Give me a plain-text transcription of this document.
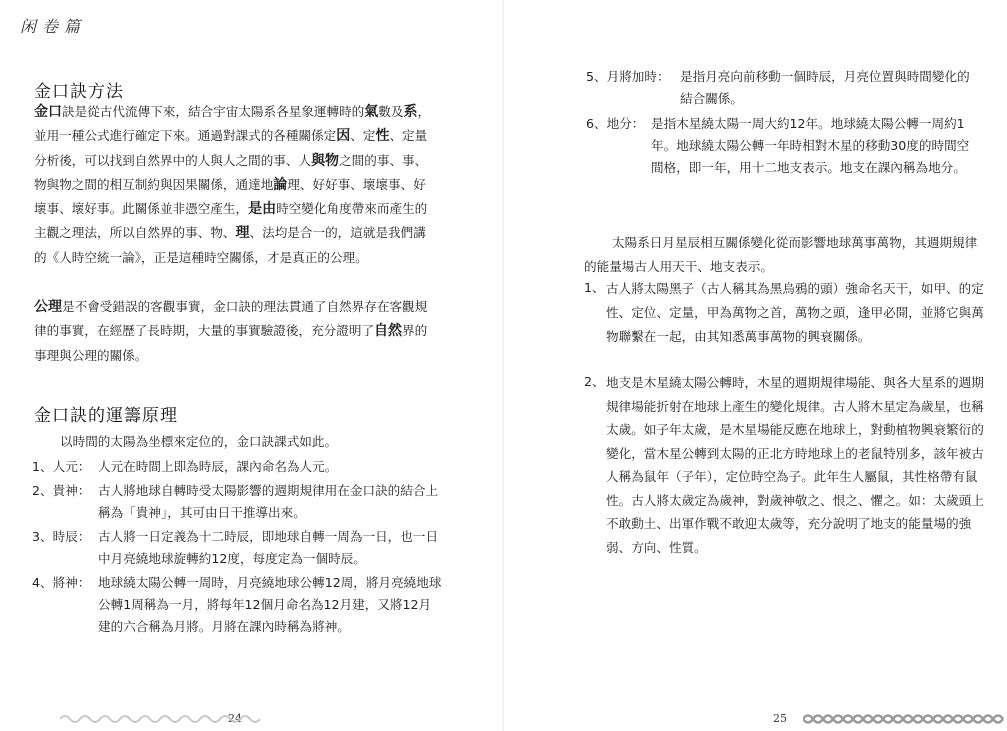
闲卷篇
金口訣方法
金口訣是從古代流傳下來，結合宇宙太陽系各星象運轉時的氣數及系，並用一種公式進行確定下來。通過對課式的各種關係定因、定性、定量分析後，可以找到自然界中的人與人之間的事、人與物之間的事、事、物與物之間的相互制約與因果關係，通達地論理、好好事、壞壞事、好壞事、壞好事。此關係並非憑空產生，是由時空變化角度帶來而產生的主觀之理法，所以自然界的事、物、理、法均是合一的，這就是我們講的《人時空統一論》，正是這種時空關係，才是真正的公理。
公理是不會受錯誤的客觀事實，金口訣的理法貫通了自然界存在客觀規律的事實，在經歷了長時期，大量的事實驗證後，充分證明了自然界的事理與公理的關係。
金口訣的運籌原理
以時間的太陽為坐標來定位的，金口訣課式如此。
1、人元： 人元在時間上即為時辰，課內命名為人元。
2、貴神： 古人將地球自轉時受太陽影響的週期規律用在金口訣的結合上稱為「貴神」，其可由日干推導出來。
3、時辰： 古人將一日定義為十二時辰，即地球自轉一周為一日，也一日中月亮繞地球旋轉約12度，每度定為一個時辰。
4、將神： 地球繞太陽公轉一周時，月亮繞地球公轉12周，將月亮繞地球公轉1周稱為一月，將每年12個月命名為12月建，又將12月建的六合稱為月將。月將在課內時稱為將神。
24
5、月將加時： 是指月亮向前移動一個時辰，月亮位置與時間變化的結合關係。
6、地分： 是指木星繞太陽一周大約12年。地球繞太陽公轉一周約1年。地球繞太陽公轉一年時相對木星的移動30度的時間空間格，即一年，用十二地支表示。地支在課內稱為地分。
太陽系日月星辰相互關係變化從而影響地球萬事萬物，其週期規律的能量場古人用天干、地支表示。
1、 古人將太陽黑子（古人稱其為黑烏鴉的頭）強命名天干，如甲、的定性、定位、定量，甲為萬物之首，萬物之頭，逢甲必開，並將它與萬物聯繫在一起，由其知悉萬事萬物的興衰關係。
2、 地支是木星繞太陽公轉時，木星的週期規律場能、與各大星系的週期規律場能折射在地球上產生的變化規律。古人將木星定為歲星，也稱太歲。如子年太歲，是木星場能反應在地球上，對動植物興衰繁衍的變化，當木星公轉到太陽的正北方時地球上的老鼠特別多，該年被古人稱為鼠年（子年），定位時空為子。此年生人屬鼠，其性格帶有鼠性。古人將太歲定為歲神，對歲神敬之、恨之、懼之。如：太歲頭上不敢動土、出軍作戰不敢迎太歲等，充分說明了地支的能量場的強弱、方向、性質。
25
